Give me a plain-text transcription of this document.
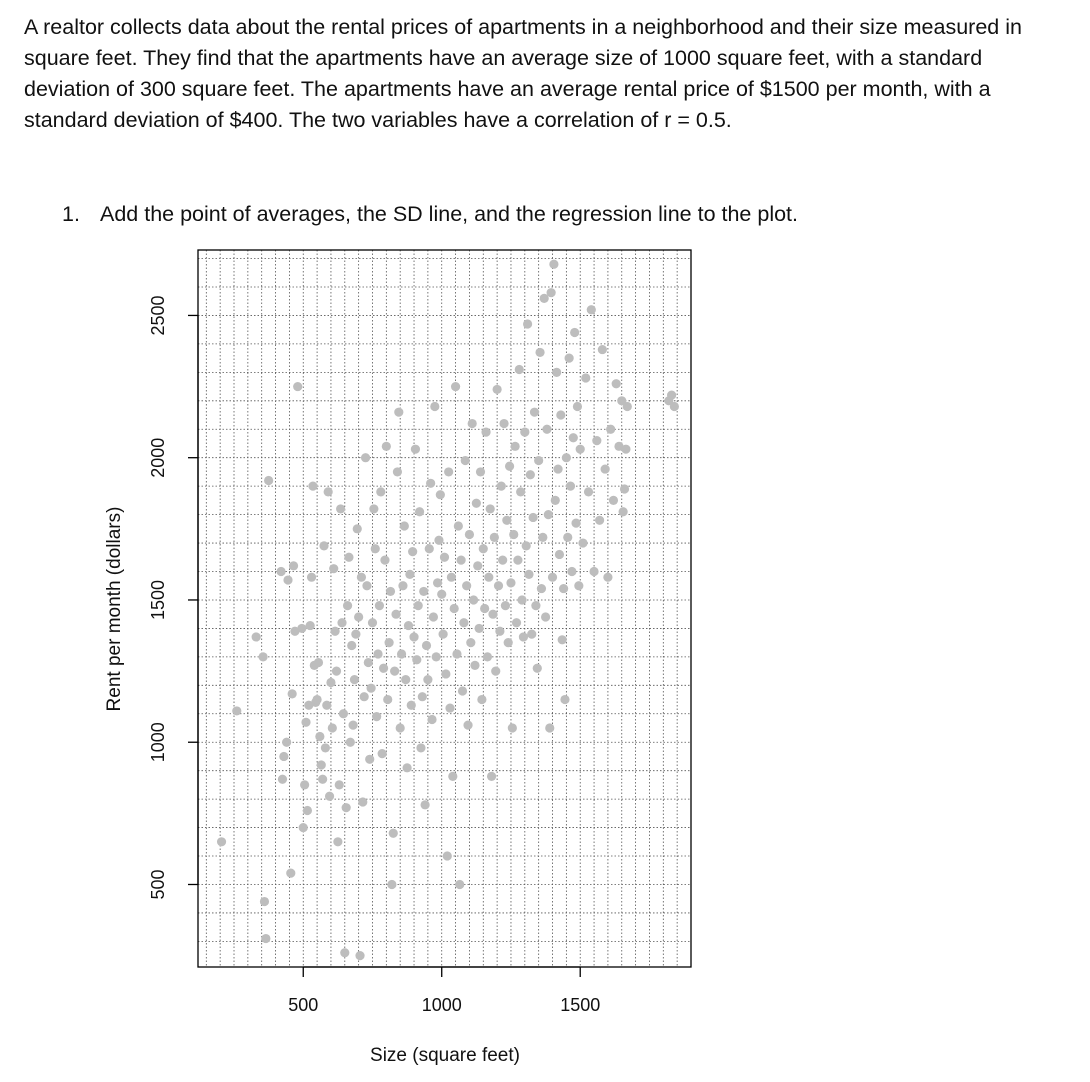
A realtor collects data about the rental prices of apartments in a neighborhood and their size measured in square feet. They find that the apartments have an average size of 1000 square feet, with a standard deviation of 300 square feet. The apartments have an average rental price of $1500 per month, with a standard deviation of $400. The two variables have a correlation of r = 0.5.

1. Add the point of averages, the SD line, and the regression line to the plot.
500	1000	1500
500
1000
1500
2000
2500
Size (square feet)
Rent per month (dollars)
